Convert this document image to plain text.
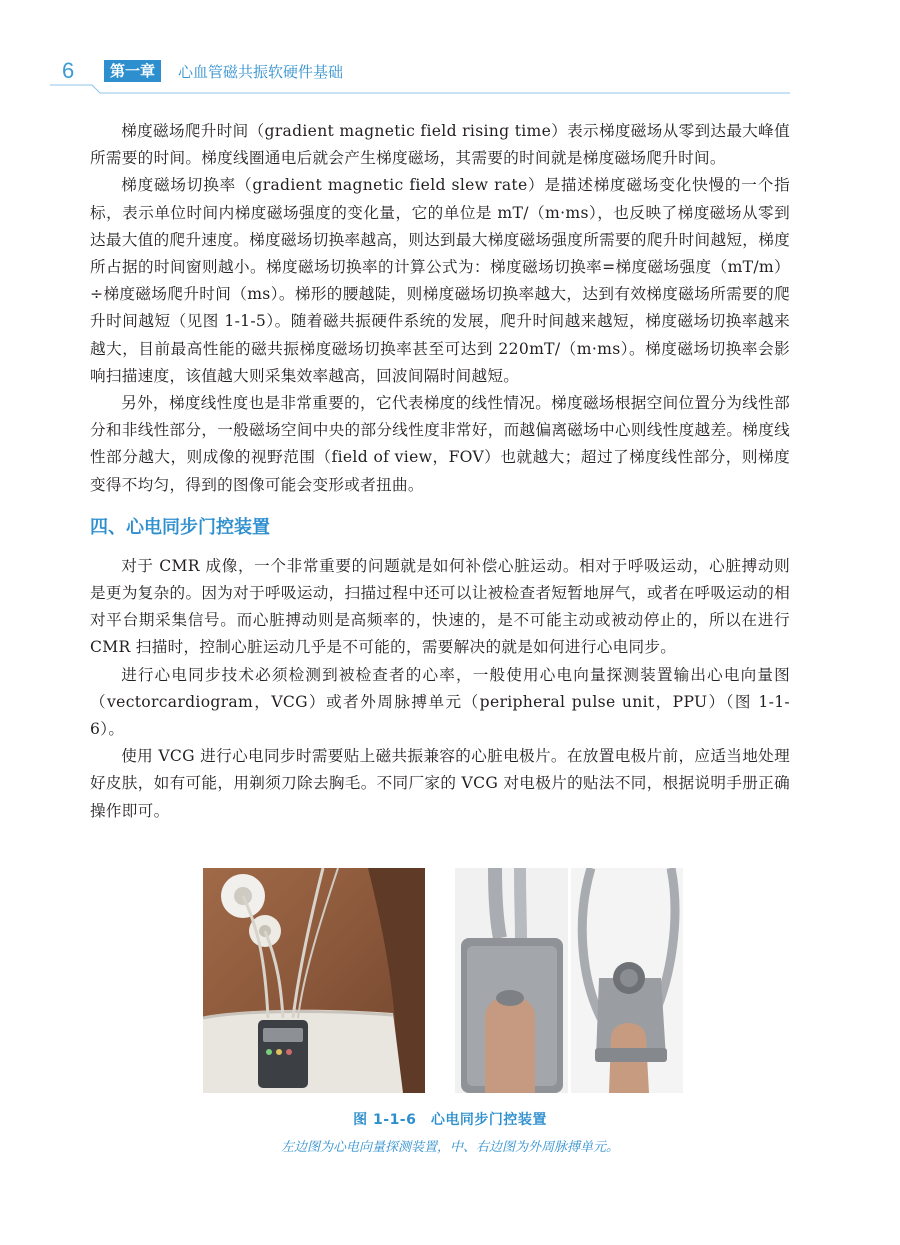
6	第一章	心血管磁共振软硬件基础

梯度磁场爬升时间（gradient magnetic field rising time）表示梯度磁场从零到达最大峰值所需要的时间。梯度线圈通电后就会产生梯度磁场，其需要的时间就是梯度磁场爬升时间。

梯度磁场切换率（gradient magnetic field slew rate）是描述梯度磁场变化快慢的一个指标，表示单位时间内梯度磁场强度的变化量，它的单位是 mT/（m·ms），也反映了梯度磁场从零到达最大值的爬升速度。梯度磁场切换率越高，则达到最大梯度磁场强度所需要的爬升时间越短，梯度所占据的时间窗则越小。梯度磁场切换率的计算公式为：梯度磁场切换率=梯度磁场强度（mT/m）÷梯度磁场爬升时间（ms）。梯形的腰越陡，则梯度磁场切换率越大，达到有效梯度磁场所需要的爬升时间越短（见图 1-1-5）。随着磁共振硬件系统的发展，爬升时间越来越短，梯度磁场切换率越来越大，目前最高性能的磁共振梯度磁场切换率甚至可达到 220mT/（m·ms）。梯度磁场切换率会影响扫描速度，该值越大则采集效率越高，回波间隔时间越短。

另外，梯度线性度也是非常重要的，它代表梯度的线性情况。梯度磁场根据空间位置分为线性部分和非线性部分，一般磁场空间中央的部分线性度非常好，而越偏离磁场中心则线性度越差。梯度线性部分越大，则成像的视野范围（field of view，FOV）也就越大；超过了梯度线性部分，则梯度变得不均匀，得到的图像可能会变形或者扭曲。

四、心电同步门控装置

对于 CMR 成像，一个非常重要的问题就是如何补偿心脏运动。相对于呼吸运动，心脏搏动则是更为复杂的。因为对于呼吸运动，扫描过程中还可以让被检查者短暂地屏气，或者在呼吸运动的相对平台期采集信号。而心脏搏动则是高频率的，快速的，是不可能主动或被动停止的，所以在进行 CMR 扫描时，控制心脏运动几乎是不可能的，需要解决的就是如何进行心电同步。

进行心电同步技术必须检测到被检查者的心率，一般使用心电向量探测装置输出心电向量图（vectorcardiogram，VCG）或者外周脉搏单元（peripheral pulse unit，PPU）（图 1-1-6）。

使用 VCG 进行心电同步时需要贴上磁共振兼容的心脏电极片。在放置电极片前，应适当地处理好皮肤，如有可能，用剃须刀除去胸毛。不同厂家的 VCG 对电极片的贴法不同，根据说明手册正确操作即可。

图 1-1-6　心电同步门控装置
左边图为心电向量探测装置，中、右边图为外周脉搏单元。
